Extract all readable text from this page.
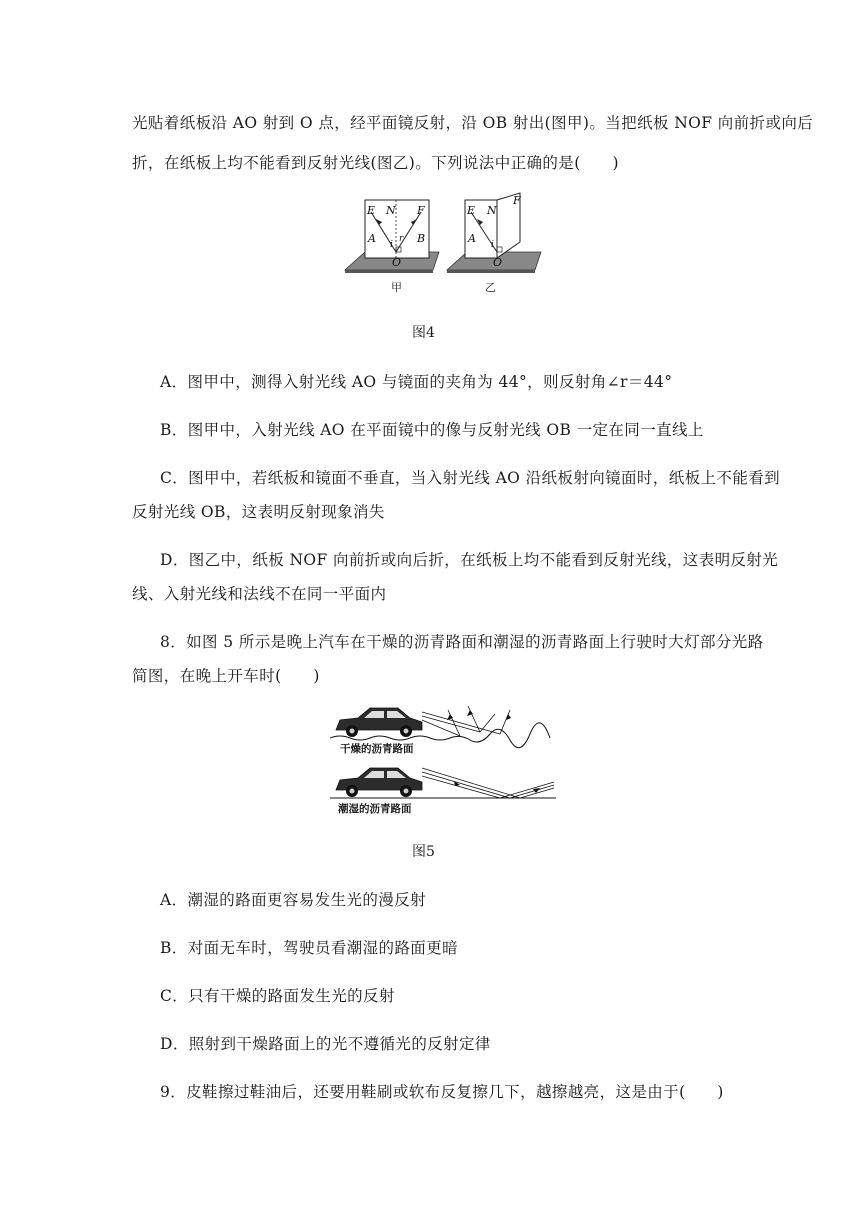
光贴着纸板沿 AO 射到 O 点，经平面镜反射，沿 OB 射出(图甲)。当把纸板 NOF 向前折或向后
折，在纸板上均不能看到反射光线(图乙)。下列说法中正确的是(　　)
E N F
A	B
i
r
O
E N
F
A i
O
甲	乙
图4
A．图甲中，测得入射光线 AO 与镜面的夹角为 44°，则反射角∠r＝44°
B．图甲中，入射光线 AO 在平面镜中的像与反射光线 OB 一定在同一直线上
C．图甲中，若纸板和镜面不垂直，当入射光线 AO 沿纸板射向镜面时，纸板上不能看到
反射光线 OB，这表明反射现象消失
D．图乙中，纸板 NOF 向前折或向后折，在纸板上均不能看到反射光线，这表明反射光
线、入射光线和法线不在同一平面内
8．如图 5 所示是晚上汽车在干燥的沥青路面和潮湿的沥青路面上行驶时大灯部分光路
简图，在晚上开车时(　　)
干燥的沥青路面
潮湿的沥青路面
图5
A．潮湿的路面更容易发生光的漫反射
B．对面无车时，驾驶员看潮湿的路面更暗
C．只有干燥的路面发生光的反射
D．照射到干燥路面上的光不遵循光的反射定律
9．皮鞋擦过鞋油后，还要用鞋刷或软布反复擦几下，越擦越亮，这是由于(　　)
